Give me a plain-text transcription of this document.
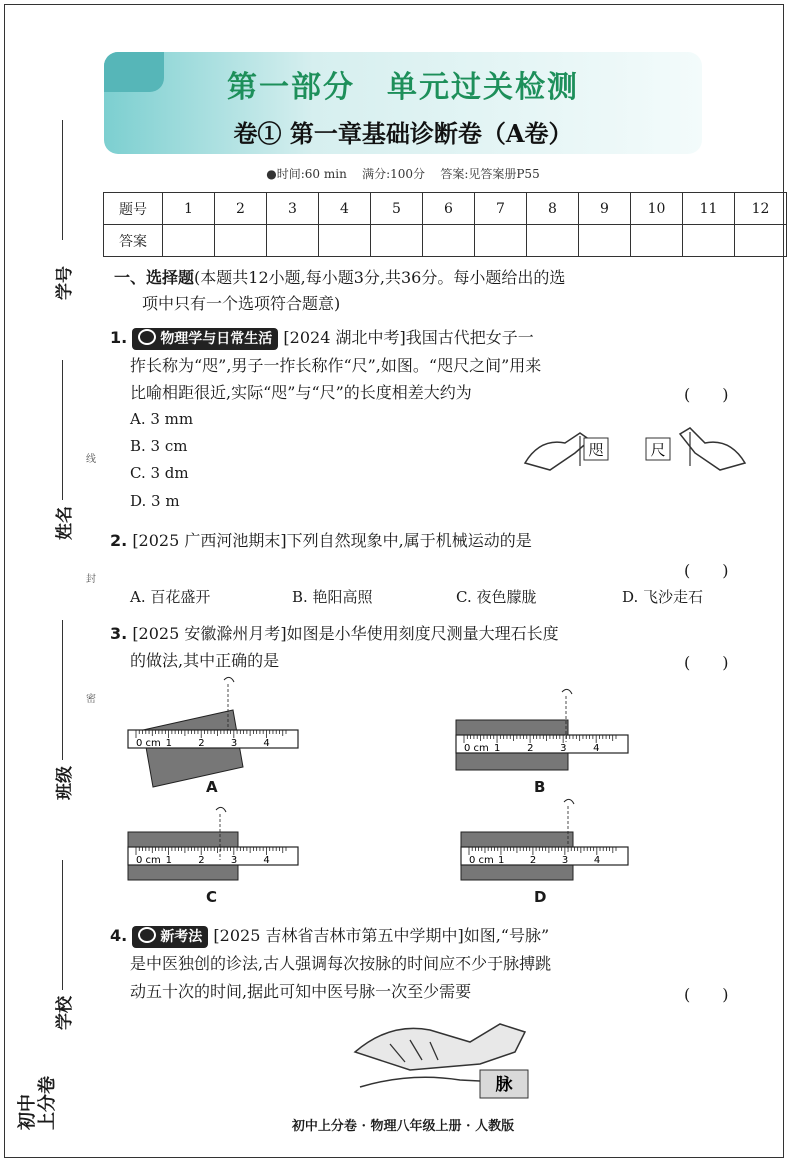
学号
姓名
班级
学校
线
封
密
初中 上分卷
第一部分　单元过关检测
卷① 第一章基础诊断卷（A卷）
●时间:60 min 满分:100分 答案:见答案册P55
题号	1	2	3	4	5	6	7	8	9	10	11	12
答案												
一、选择题(本题共12小题,每小题3分,共36分。每小题给出的选
项中只有一个选项符合题意)
1. 物理学与日常生活 [2024 湖北中考]我国古代把女子一
拃长称为“咫”,男子一拃长称作“尺”,如图。“咫尺之间”用来
比喻相距很近,实际“咫”与“尺”的长度相差大约为	(　　)
A. 3 mm
B. 3 cm
C. 3 dm
D. 3 m
咫	尺
2. [2025 广西河池期末]下列自然现象中,属于机械运动的是
(　　)
A. 百花盛开	B. 艳阳高照	C. 夜色朦胧	D. 飞沙走石
3. [2025 安徽滁州月考]如图是小华使用刻度尺测量大理石长度
的做法,其中正确的是	(　　)
0 cm 1	2	3	4	0 cm 1	2	3	4
0 cm 1	2	3	4	0 cm 1	2	3	4
A	B
C	D
4. 新考法 [2025 吉林省吉林市第五中学期中]如图,“号脉”
是中医独创的诊法,古人强调每次按脉的时间应不少于脉搏跳
动五十次的时间,据此可知中医号脉一次至少需要	(　　)
脉
初中上分卷 · 物理八年级上册 · 人教版
